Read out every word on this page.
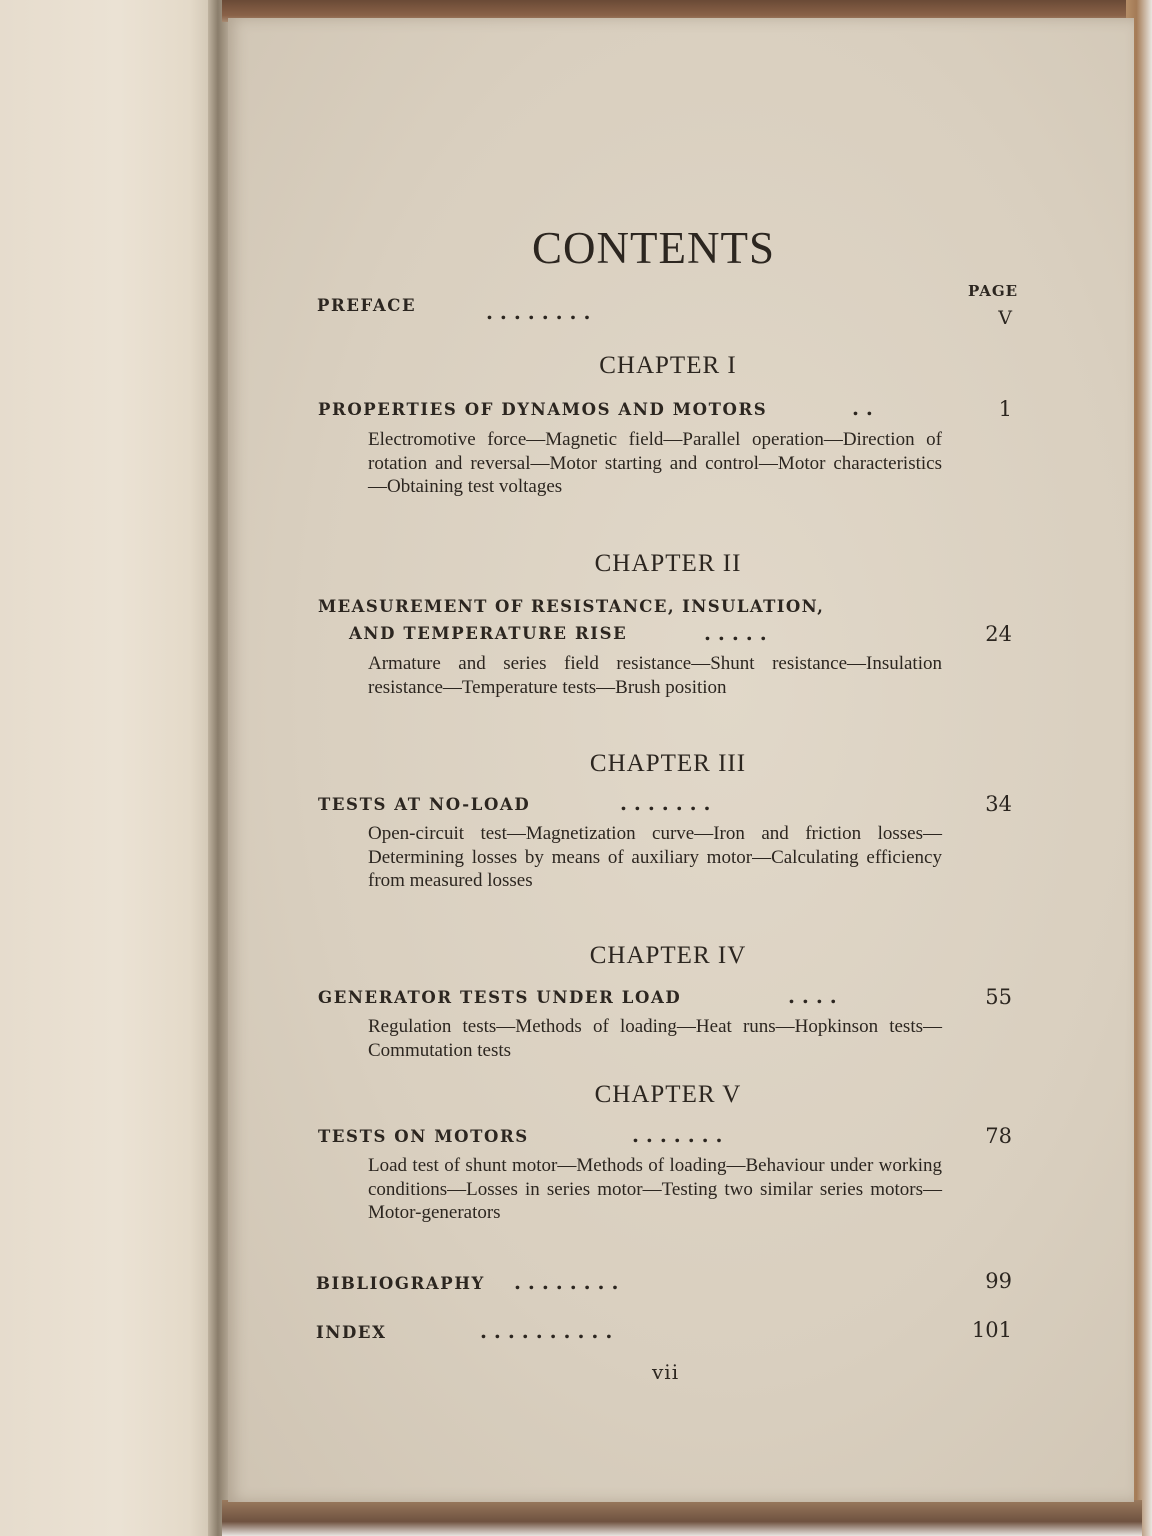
CONTENTS
PAGE
PREFACE	. . . . . . . .	V
CHAPTER I
PROPERTIES OF DYNAMOS AND MOTORS	. .	1
Electromotive force—Magnetic field—Parallel operation—Direction of rotation and reversal—Motor starting and control—Motor characteristics—Obtaining test voltages
CHAPTER II
MEASUREMENT OF RESISTANCE, INSULATION,
AND TEMPERATURE RISE	. . . . .	24
Armature and series field resistance—Shunt resistance—Insulation resistance—Temperature tests—Brush position
CHAPTER III
TESTS AT NO-LOAD	. . . . . . .	34
Open-circuit test—Magnetization curve—Iron and friction losses—Determining losses by means of auxiliary motor—Calculating efficiency from measured losses
CHAPTER IV
GENERATOR TESTS UNDER LOAD	. . . .	55
Regulation tests—Methods of loading—Heat runs—Hopkinson tests—Commutation tests
CHAPTER V
TESTS ON MOTORS	. . . . . . .	78
Load test of shunt motor—Methods of loading—Behaviour under working conditions—Losses in series motor—Testing two similar series motors—Motor-generators
BIBLIOGRAPHY . . . . . . . .	99
INDEX	. . . . . . . . . .	101
vii
